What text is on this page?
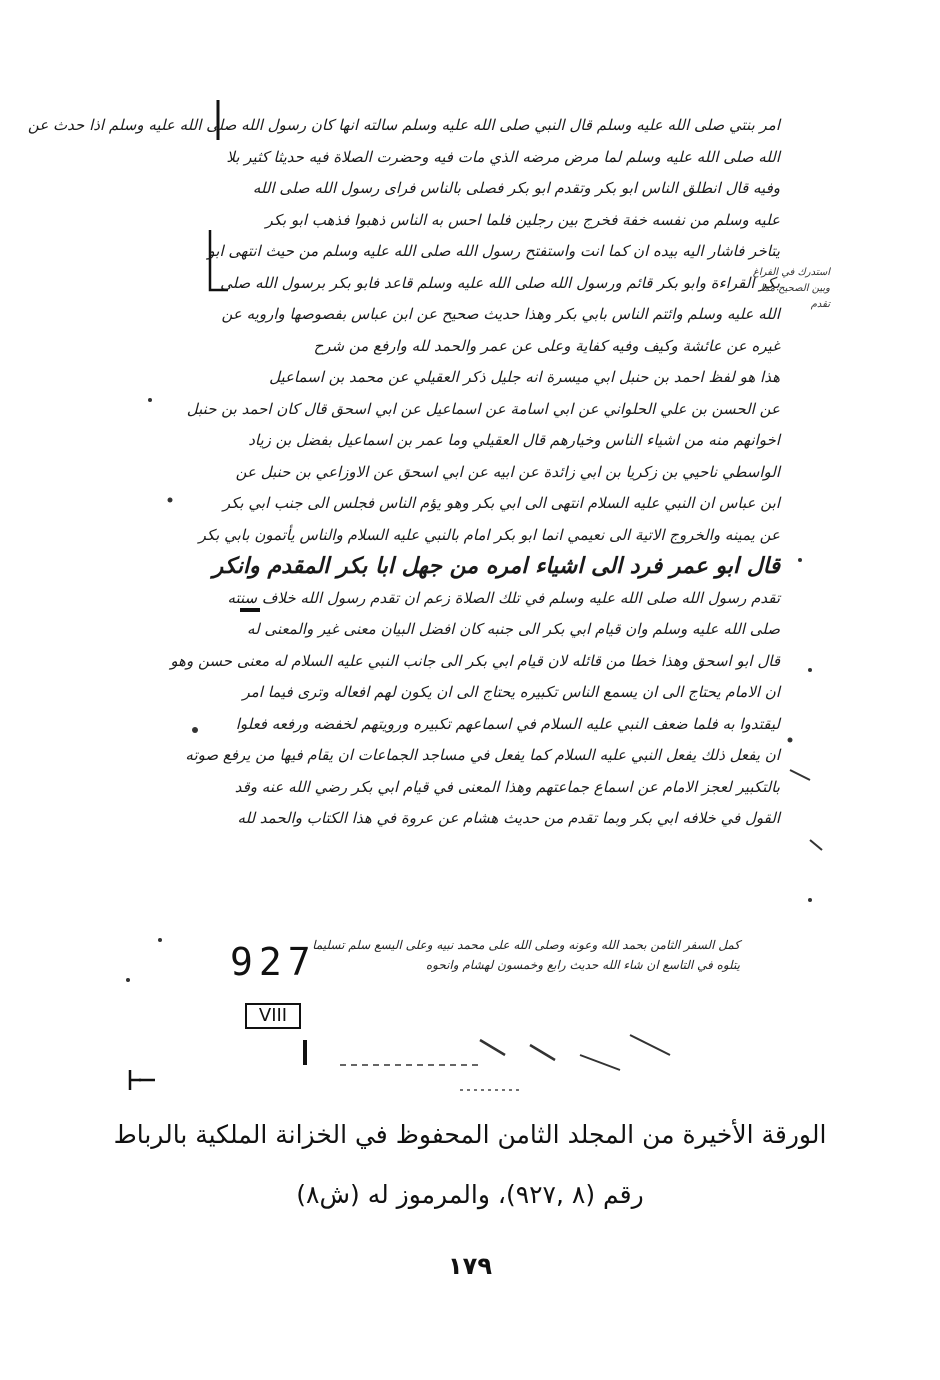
امر بنتي صلى الله عليه وسلم قال النبي صلى الله عليه وسلم سالته انها كان رسول الله صلى الله عليه وسلم اذا حدث عن
الله صلى الله عليه وسلم لما مرض مرضه الذي مات فيه وحضرت الصلاة فيه حديثا كثير بلا
وفيه قال انطلق الناس ابو بكر وتقدم ابو بكر فصلى بالناس فراى رسول الله صلى الله
عليه وسلم من نفسه خفة فخرج بين رجلين فلما احس به الناس ذهبوا فذهب ابو بكر
يتاخر فاشار اليه بيده ان كما انت واستفتح رسول الله صلى الله عليه وسلم من حيث انتهى ابو
بكر القراءة وابو بكر قائم ورسول الله صلى الله عليه وسلم قاعد فابو بكر برسول الله صلى
الله عليه وسلم وائتم الناس بابي بكر وهذا حديث صحيح عن ابن عباس بفصوصها وارويه عن
غيره عن عائشة وكيف وفيه كفاية وعلى عن عمر والحمد لله وارفع من شرح
هذا هو لفظ احمد بن حنبل ابي ميسرة انه جليل ذكر العقيلي عن محمد بن اسماعيل
عن الحسن بن علي الحلواني عن ابي اسامة عن اسماعيل عن ابي اسحق قال كان احمد بن حنبل
اخوانهم منه من اشياء الناس وخيارهم قال العقيلي وما عمر بن اسماعيل بفضل بن زياد
الواسطي ناحيي بن زكريا بن ابي زائدة عن ابيه عن ابي اسحق عن الاوزاعي بن حنبل عن
ابن عباس ان النبي عليه السلام انتهى الى ابي بكر وهو يؤم الناس فجلس الى جنب ابي بكر
عن يمينه والخروج الاتية الى نعيمي انما ابو بكر امام بالنبي عليه السلام والناس يأتمون بابي بكر
قال ابو عمر فرد الى اشياء امره من جهل ابا بكر المقدم وانكر
تقدم رسول الله صلى الله عليه وسلم في تلك الصلاة زعم ان تقدم رسول الله خلاف سنته
صلى الله عليه وسلم وان قيام ابي بكر الى جنبه كان افضل البيان معنى غير والمعنى له
قال ابو اسحق وهذا خطا من قائله لان قيام ابي بكر الى جانب النبي عليه السلام له معنى حسن وهو
ان الامام يحتاج الى ان يسمع الناس تكبيره يحتاج الى ان يكون لهم افعاله وترى فيما امر
ليقتدوا به فلما ضعف النبي عليه السلام في اسماعهم تكبيره ورويتهم لخفضه ورفعه فعلوا
ان يفعل ذلك يفعل النبي عليه السلام كما يفعل في مساجد الجماعات ان يقام فيها من يرفع صوته
بالتكبير لعجز الامام عن اسماع جماعتهم وهذا المعنى في قيام ابي بكر رضي الله عنه وقد
القول في خلافه ابي بكر وبما تقدم من حديث هشام عن عروة في هذا الكتاب والحمد لله
استدرك في الفراغ وبين الصحيح مما تقدم
كمل السفر الثامن بحمد الله وعونه وصلى الله على محمد نبيه وعلى اليسع سلم تسليما
يتلوه في التاسع ان شاء الله حديث رابع وخمسون لهشام وانحوه
927
VIII
الورقة الأخيرة من المجلد الثامن المحفوظ في الخزانة الملكية بالرباط
رقم (٨ ,٩٢٧)، والمرموز له (ش٨)
١٧٩
